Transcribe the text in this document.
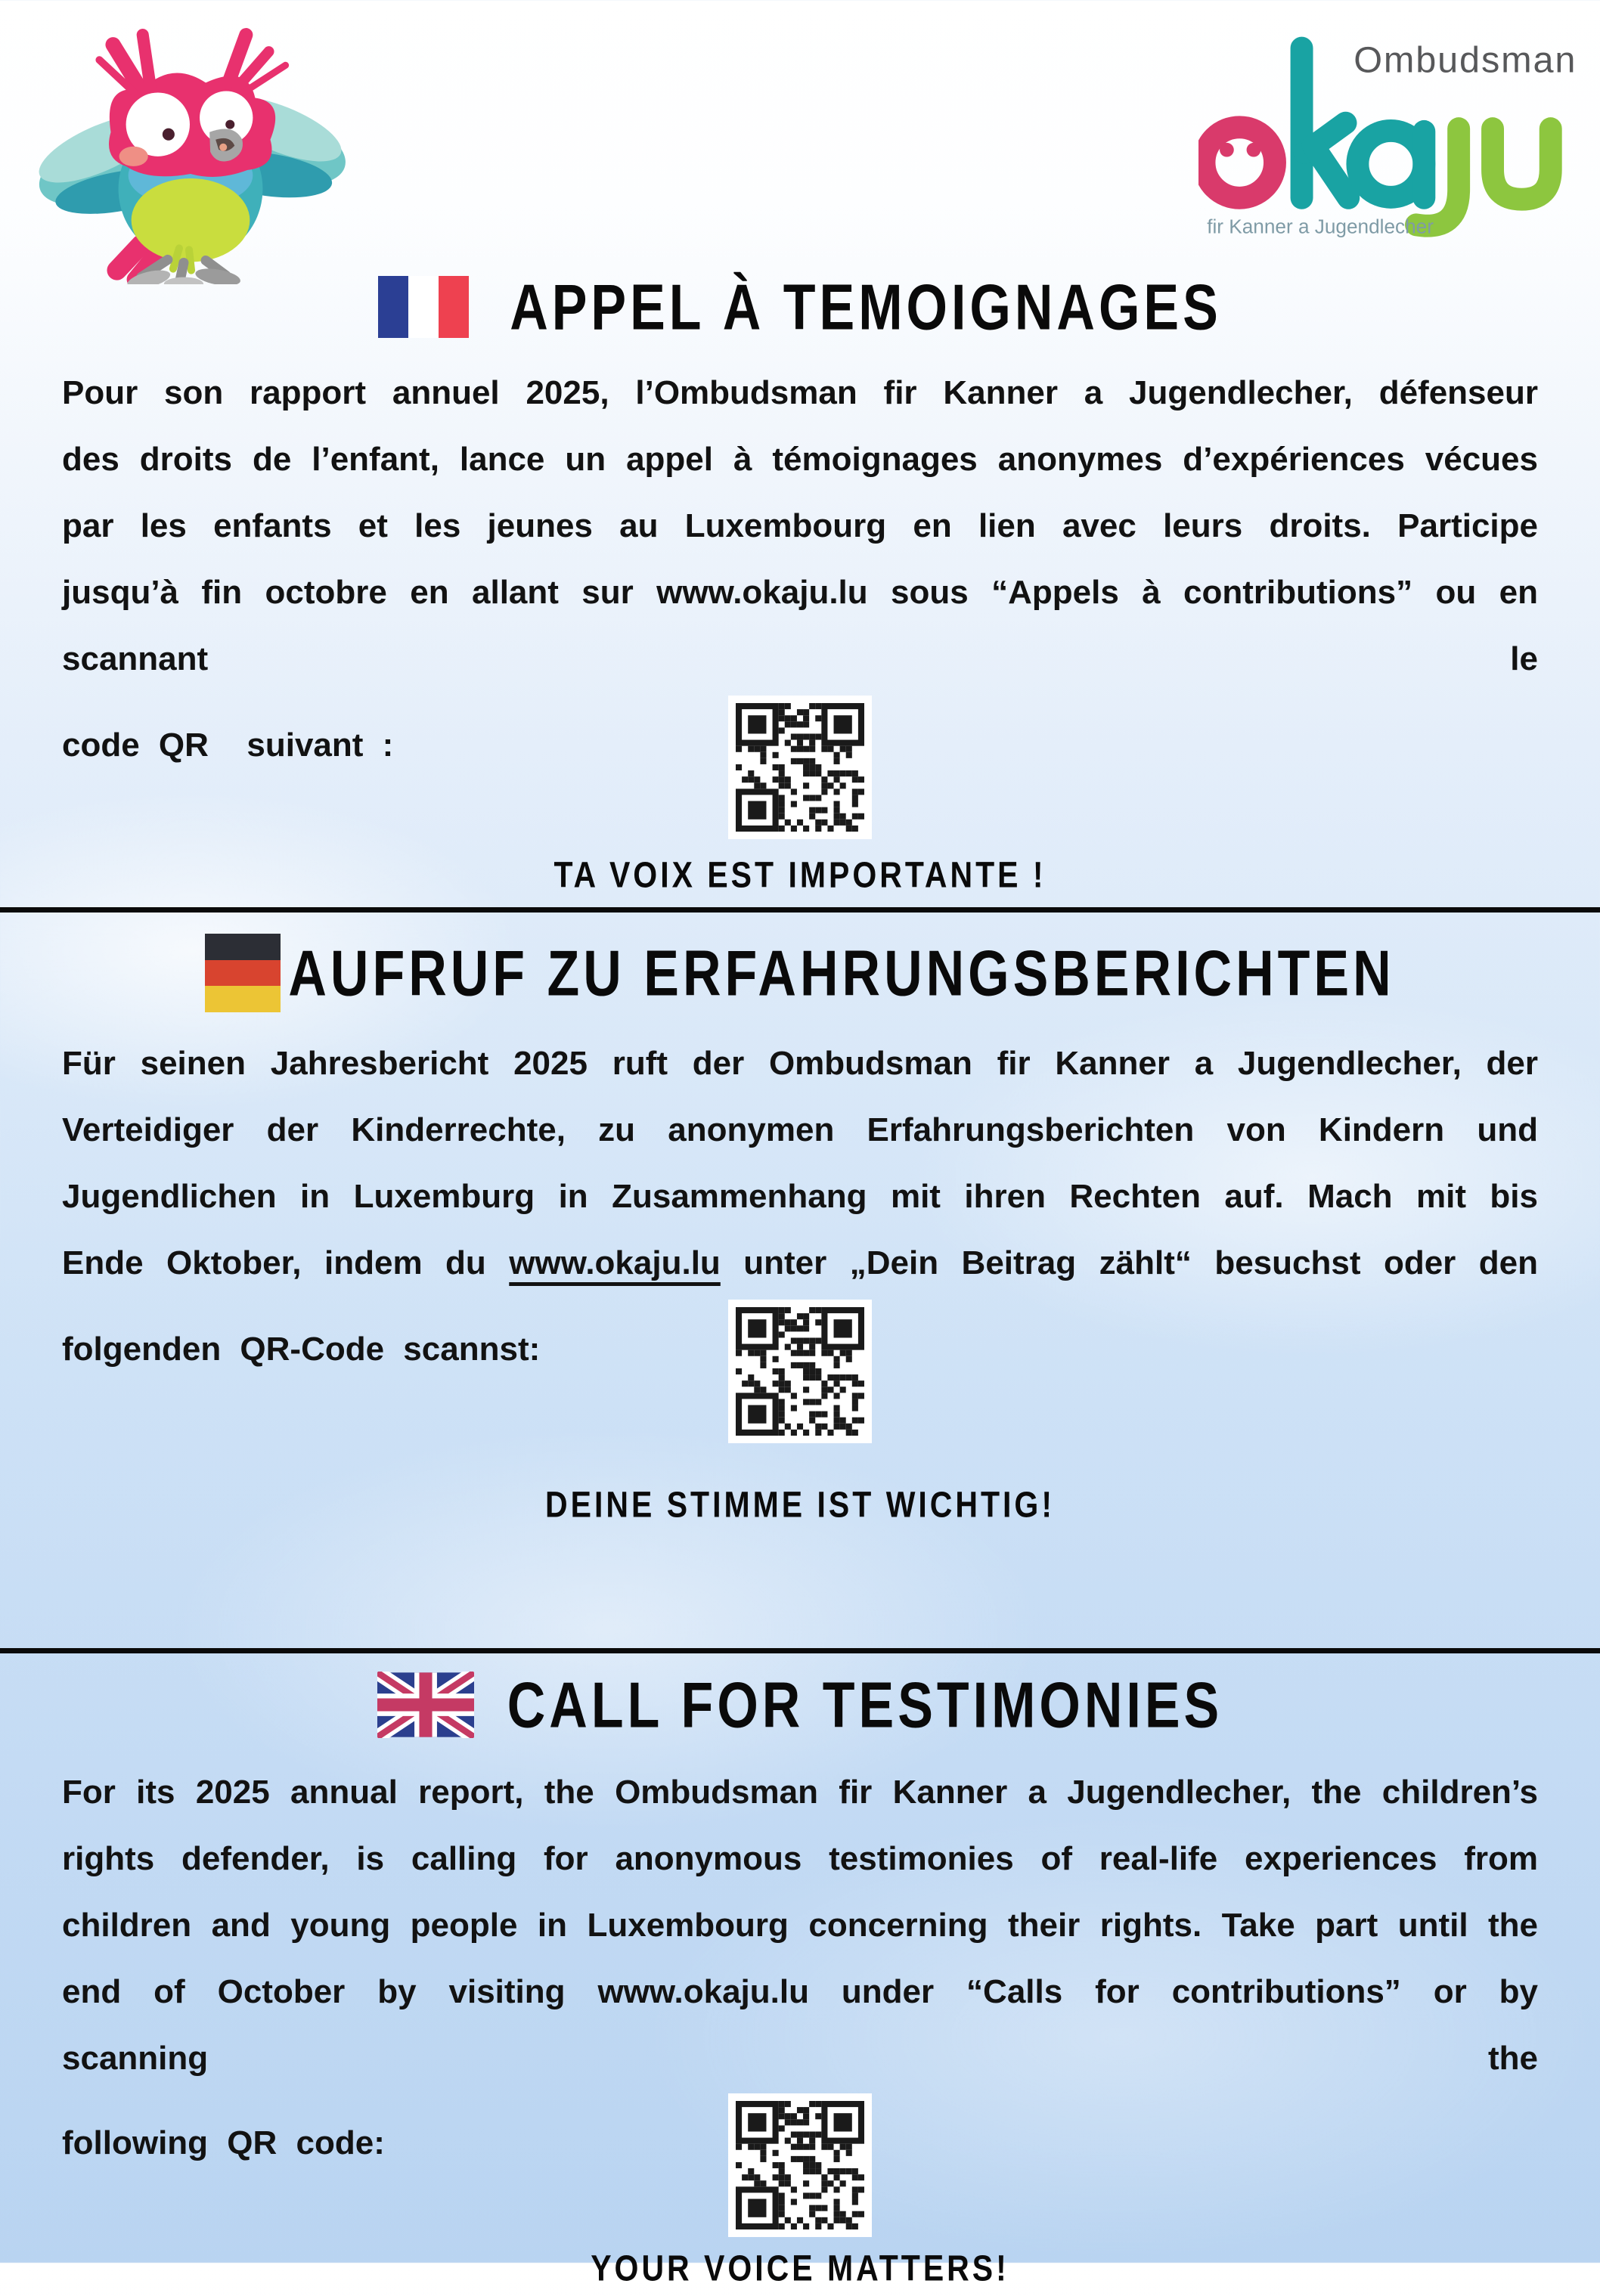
Ombudsman
fir Kanner a Jugendlecher
APPEL À TEMOIGNAGES

Pour son rapport annuel 2025, l’Ombudsman fir Kanner a Jugendlecher, défenseur des droits de l’enfant, lance un appel à témoignages anonymes d’expériences vécues par les enfants et les jeunes au Luxembourg en lien avec leurs droits. Participe jusqu’à fin octobre en allant sur www.okaju.lu sous “Appels à contributions” ou en scannant le

code QR  suivant :
TA VOIX EST IMPORTANTE !
AUFRUF ZU ERFAHRUNGSBERICHTEN

Für seinen Jahresbericht 2025 ruft der Ombudsman fir Kanner a Jugendlecher, der Verteidiger der Kinderrechte, zu anonymen Erfahrungsberichten von Kindern und Jugendlichen in Luxemburg in Zusammenhang mit ihren Rechten auf. Mach mit bis Ende Oktober, indem du www.okaju.lu unter „Dein Beitrag zählt“ besuchst oder den

folgenden QR-Code scannst:
DEINE STIMME IST WICHTIG!
CALL FOR TESTIMONIES

For its 2025 annual report, the Ombudsman fir Kanner a Jugendlecher, the children’s rights defender, is calling for anonymous testimonies of real-life experiences from children and young people in Luxembourg concerning their rights. Take part until the end of October by visiting www.okaju.lu under “Calls for contributions” or by scanning the

following QR code:
YOUR VOICE MATTERS!
